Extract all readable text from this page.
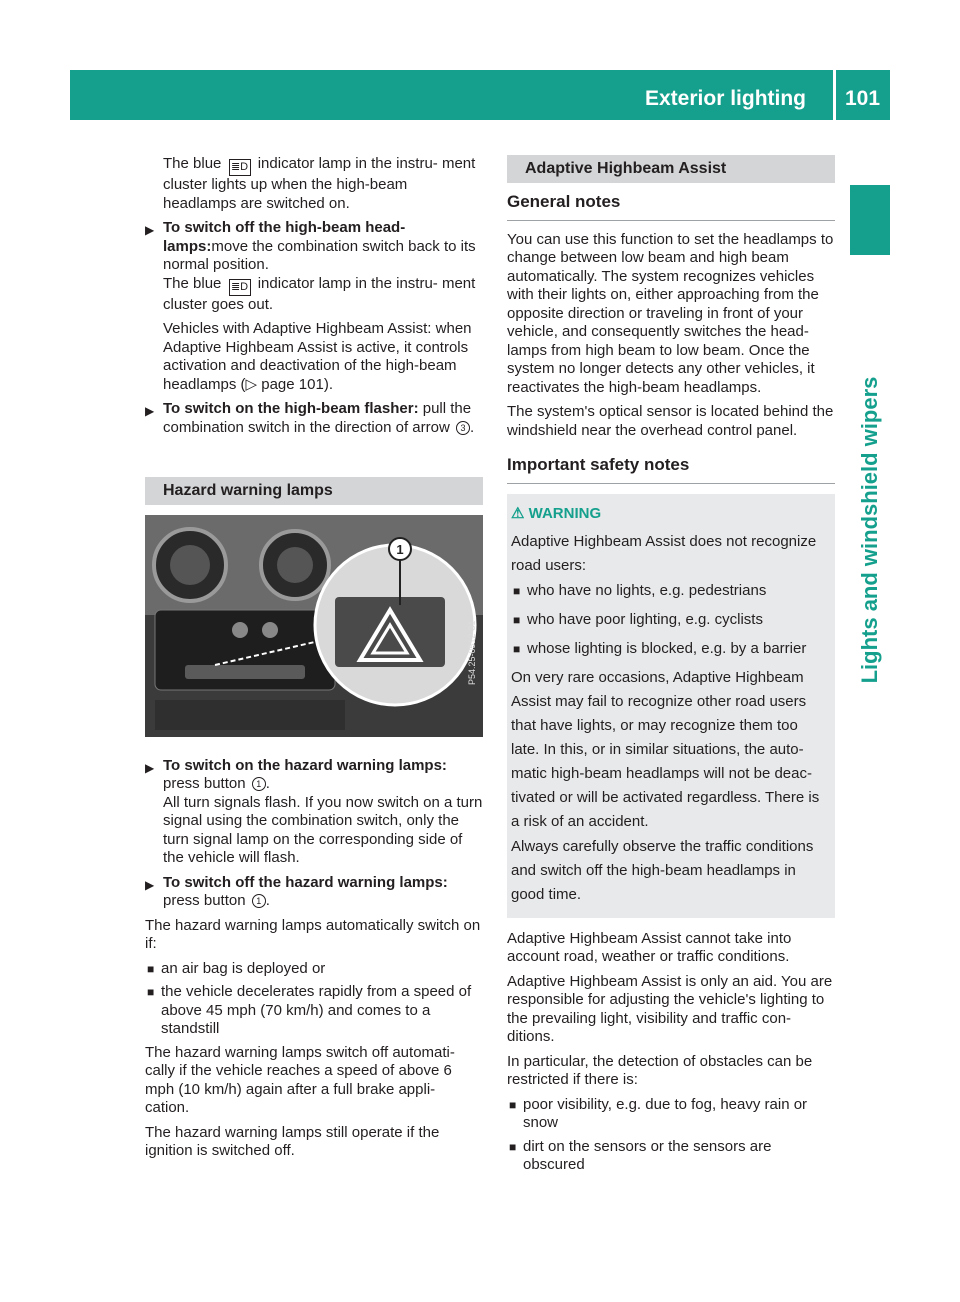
Exterior lighting 101
Lights and windshield wipers

The blue ≣D indicator lamp in the instru- ment cluster lights up when the high-beam headlamps are switched on.

▶ To switch off the high-beam head- lamps:move the combination switch back to its normal position.
The blue ≣D indicator lamp in the instru- ment cluster goes out.

Vehicles with Adaptive Highbeam Assist: when Adaptive Highbeam Assist is active, it controls activation and deactivation of the high-beam headlamps (▷ page 101).

▶ To switch on the high-beam flasher: pull the combination switch in the direction of arrow 3 .
Hazard warning lamps
1
P54.25-0512-31
▶ To switch on the hazard warning lamps:
press button 1 .
All turn signals flash. If you now switch on a turn signal using the combination switch, only the turn signal lamp on the corresponding side of the vehicle will flash.
▶ To switch off the hazard warning lamps:
press button 1 .

The hazard warning lamps automatically switch on if:

■ an air bag is deployed or
■ the vehicle decelerates rapidly from a speed of above 45 mph (70 km/h) and comes to a standstill

The hazard warning lamps switch off automati- cally if the vehicle reaches a speed of above 6 mph (10 km/h) again after a full brake appli- cation.

The hazard warning lamps still operate if the ignition is switched off.

Adaptive Highbeam Assist
General notes

You can use this function to set the headlamps to change between low beam and high beam automatically. The system recognizes vehicles with their lights on, either approaching from the opposite direction or traveling in front of your vehicle, and consequently switches the head- lamps from high beam to low beam. Once the system no longer detects any other vehicles, it reactivates the high-beam headlamps.

The system's optical sensor is located behind the windshield near the overhead control panel.

Important safety notes
⚠ WARNING

Adaptive Highbeam Assist does not recognize road users:

■ who have no lights, e.g. pedestrians
■ who have poor lighting, e.g. cyclists
■ whose lighting is blocked, e.g. by a barrier

On very rare occasions, Adaptive Highbeam Assist may fail to recognize other road users that have lights, or may recognize them too late. In this, or in similar situations, the auto- matic high-beam headlamps will not be deac- tivated or will be activated regardless. There is a risk of an accident.

Always carefully observe the traffic conditions and switch off the high-beam headlamps in good time.

Adaptive Highbeam Assist cannot take into account road, weather or traffic conditions.

Adaptive Highbeam Assist is only an aid. You are responsible for adjusting the vehicle's lighting to the prevailing light, visibility and traffic con- ditions.

In particular, the detection of obstacles can be restricted if there is:

■ poor visibility, e.g. due to fog, heavy rain or snow
■ dirt on the sensors or the sensors are obscured
